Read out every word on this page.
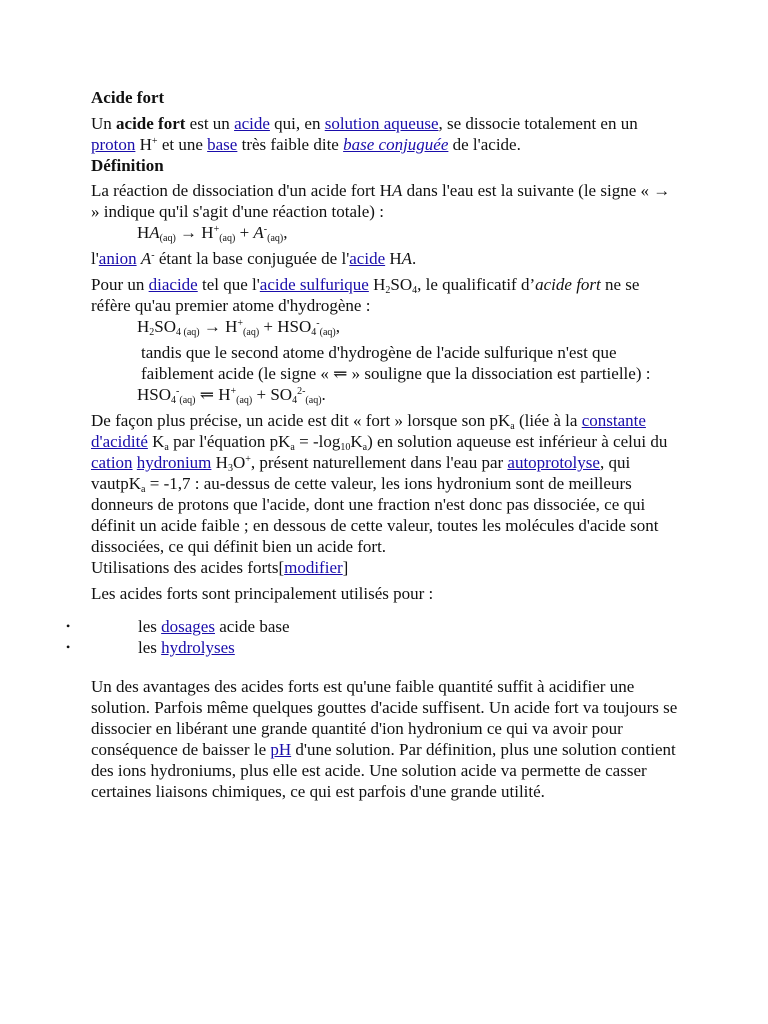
Acide fort

Un acide fort est un acide qui, en solution aqueuse, se dissocie totalement en un proton H+ et une base très faible dite base conjuguée de l'acide.

Définition

La réaction de dissociation d'un acide fort HA dans l'eau est la suivante (le signe « → » indique qu'il s'agit d'une réaction totale) :

$HA_{(aq)} \to H^+_{(aq)} + A^-_{(aq)}$,

l'anion A- étant la base conjuguée de l'acide HA.

Pour un diacide tel que l'acide sulfurique $H_2SO_4$, le qualificatif d’acide fort ne se réfère qu'au premier atome d'hydrogène :

$H_2SO_{4 (aq)} \to H^+_{(aq)} + HSO_4^-_{(aq)}$,

tandis que le second atome d'hydrogène de l'acide sulfurique n'est que faiblement acide (le signe « ⥫ » souligne que la dissociation est partielle) :

$HSO_4^-_{(aq)}$ ⥫ $H^+_{(aq)} + SO_4^{2-}_{(aq)}$.

De façon plus précise, un acide est dit « fort » lorsque son $pK_a$ (liée à la constante d'acidité $K_a$ par l'équation $pK_a = -\log_{10}K_a$) en solution aqueuse est inférieur à celui du cation hydronium $H_3O^+$, présent naturellement dans l'eau par autoprotolyse, qui vautpK$_a$ = -1,7 : au-dessus de cette valeur, les ions hydronium sont de meilleurs donneurs de protons que l'acide, dont une fraction n'est donc pas dissociée, ce qui définit un acide faible ; en dessous de cette valeur, toutes les molécules d'acide sont dissociées, ce qui définit bien un acide fort.

Utilisations des acides forts[modifier]

Les acides forts sont principalement utilisés pour :

•	les dosages acide base
•	les hydrolyses

Un des avantages des acides forts est qu'une faible quantité suffit à acidifier une solution. Parfois même quelques gouttes d'acide suffisent. Un acide fort va toujours se dissocier en libérant une grande quantité d'ion hydronium ce qui va avoir pour conséquence de baisser le pH d'une solution. Par définition, plus une solution contient des ions hydroniums, plus elle est acide. Une solution acide va permette de casser certaines liaisons chimiques, ce qui est parfois d'une grande utilité.
